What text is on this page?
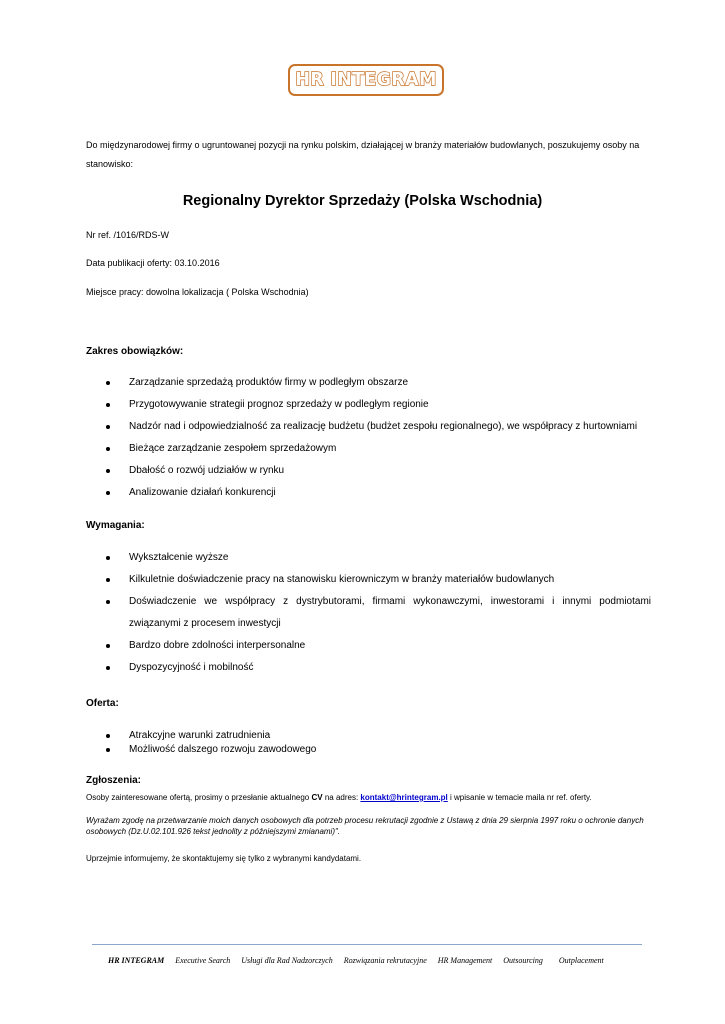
HR INTEGRAM

Do międzynarodowej firmy o ugruntowanej pozycji na rynku polskim, działającej w branży materiałów budowlanych, poszukujemy osoby na stanowisko:

Regionalny Dyrektor Sprzedaży (Polska Wschodnia)

Nr ref. /1016/RDS-W

Data publikacji oferty: 03.10.2016

Miejsce pracy: dowolna lokalizacja ( Polska Wschodnia)

Zakres obowiązków:
Zarządzanie sprzedażą produktów firmy w podległym obszarze
Przygotowywanie strategii prognoz sprzedaży w podległym regionie
Nadzór nad i odpowiedzialność za realizację budżetu (budżet zespołu regionalnego), we współpracy z hurtowniami
Bieżące zarządzanie zespołem sprzedażowym
Dbałość o rozwój udziałów w rynku
Analizowanie działań konkurencji
Wymagania:
Wykształcenie wyższe
Kilkuletnie doświadczenie pracy na stanowisku kierowniczym w branży materiałów budowlanych
Doświadczenie we współpracy z dystrybutorami, firmami wykonawczymi, inwestorami i innymi podmiotami związanymi z procesem inwestycji
Bardzo dobre zdolności interpersonalne
Dyspozycyjność i mobilność
Oferta:
Atrakcyjne warunki zatrudnienia
Możliwość dalszego rozwoju zawodowego
Zgłoszenia:

Osoby zainteresowane ofertą, prosimy o przesłanie aktualnego CV na adres: kontakt@hrintegram.pl i wpisanie w temacie maila nr ref. oferty.

Wyrażam zgodę na przetwarzanie moich danych osobowych dla potrzeb procesu rekrutacji zgodnie z Ustawą z dnia 29 sierpnia 1997 roku o ochronie danych osobowych (Dz.U.02.101.926 tekst jednolity z późniejszymi zmianami)".

Uprzejmie informujemy, że skontaktujemy się tylko z wybranymi kandydatami.

HR INTEGRAM Executive Search Usługi dla Rad Nadzorczych Rozwiązania rekrutacyjne HR Management Outsourcing Outplacement
